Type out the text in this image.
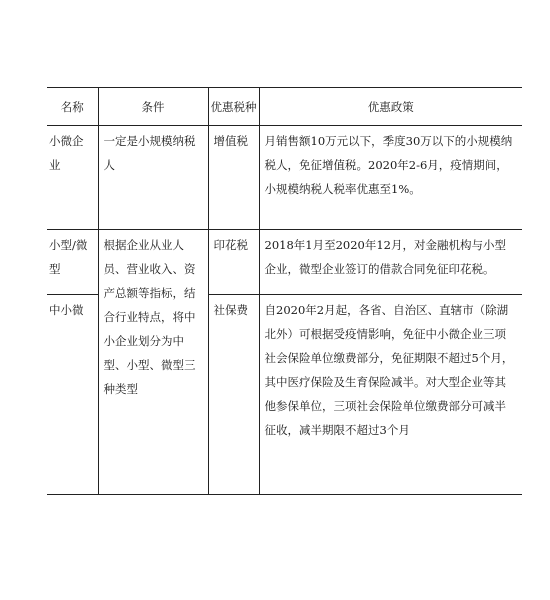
名称	条件	优惠税种	优惠政策
小微企业	一定是小规模纳税人	增值税	月销售额10万元以下，季度30万以下的小规模纳税人，免征增值税。2020年2-6月，疫情期间，小规模纳税人税率优惠至1%。
小型/微型	根据企业从业人员、营业收入、资产总额等指标，结合行业特点，将中小企业划分为中型、小型、微型三种类型	印花税	2018年1月至2020年12月，对金融机构与小型企业，微型企业签订的借款合同免征印花税。
中小微		社保费	自2020年2月起，各省、自治区、直辖市（除湖北外）可根据受疫情影响，免征中小微企业三项社会保险单位缴费部分，免征期限不超过5个月，其中医疗保险及生育保险减半。对大型企业等其他参保单位，三项社会保险单位缴费部分可减半征收，减半期限不超过3个月
